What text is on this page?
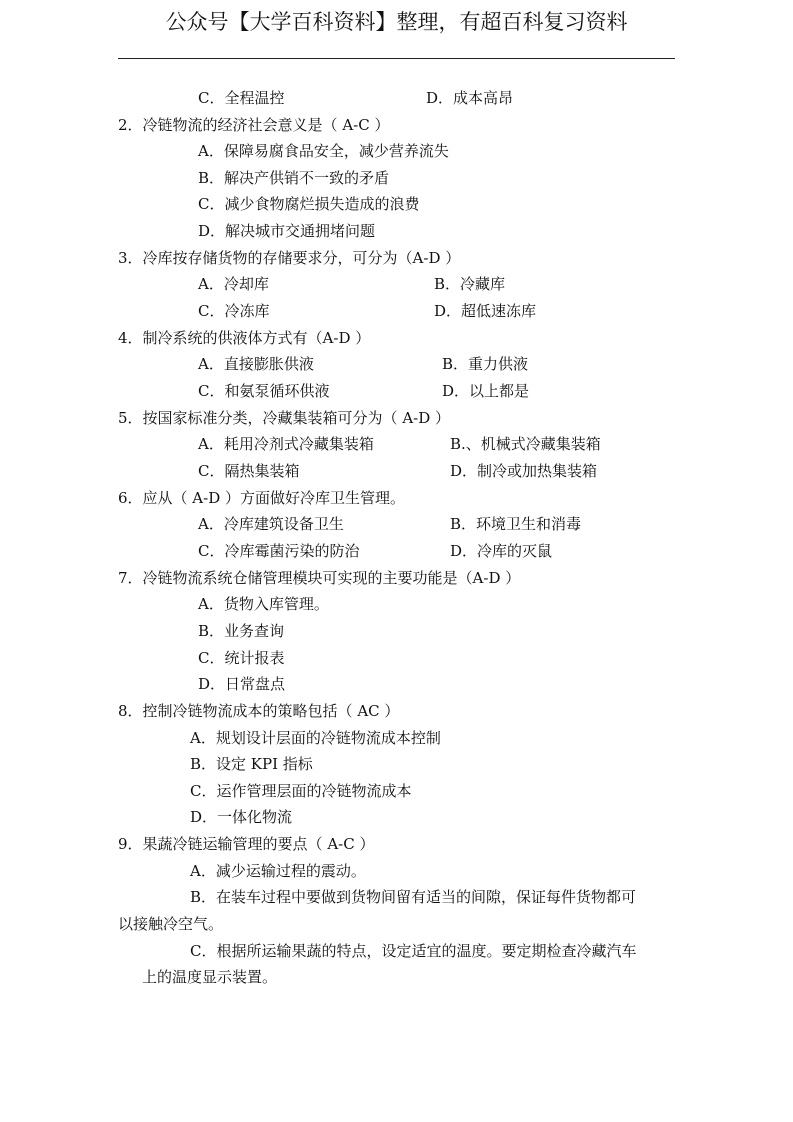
公众号【大学百科资料】整理，有超百科复习资料
C．全程温控	D．成本高昂
2．冷链物流的经济社会意义是（ A-C ）
A．保障易腐食品安全，减少营养流失
B．解决产供销不一致的矛盾
C．减少食物腐烂损失造成的浪费
D．解决城市交通拥堵问题
3．冷库按存储货物的存储要求分，可分为（A-D ）
A．冷却库	B．冷藏库
C．冷冻库	D．超低速冻库
4．制冷系统的供液体方式有（A-D ）
A．直接膨胀供液	B．重力供液
C．和氨泵循环供液	D．以上都是
5．按国家标准分类，冷藏集装箱可分为（ A-D ）
A．耗用冷剂式冷藏集装箱	B.、机械式冷藏集装箱
C．隔热集装箱	D．制冷或加热集装箱
6．应从（ A-D ）方面做好冷库卫生管理。
A．冷库建筑设备卫生	B．环境卫生和消毒
C．冷库霉菌污染的防治	D．冷库的灭鼠
7．冷链物流系统仓储管理模块可实现的主要功能是（A-D ）
A．货物入库管理。
B．业务查询
C．统计报表
D．日常盘点
8．控制冷链物流成本的策略包括（ AC ）
A．规划设计层面的冷链物流成本控制
B．设定 KPI 指标
C．运作管理层面的冷链物流成本
D．一体化物流
9．果蔬冷链运输管理的要点（ A-C ）
A．减少运输过程的震动。
B．在装车过程中要做到货物间留有适当的间隙，保证每件货物都可
以接触冷空气。
C．根据所运输果蔬的特点，设定适宜的温度。要定期检查冷藏汽车
上的温度显示装置。
